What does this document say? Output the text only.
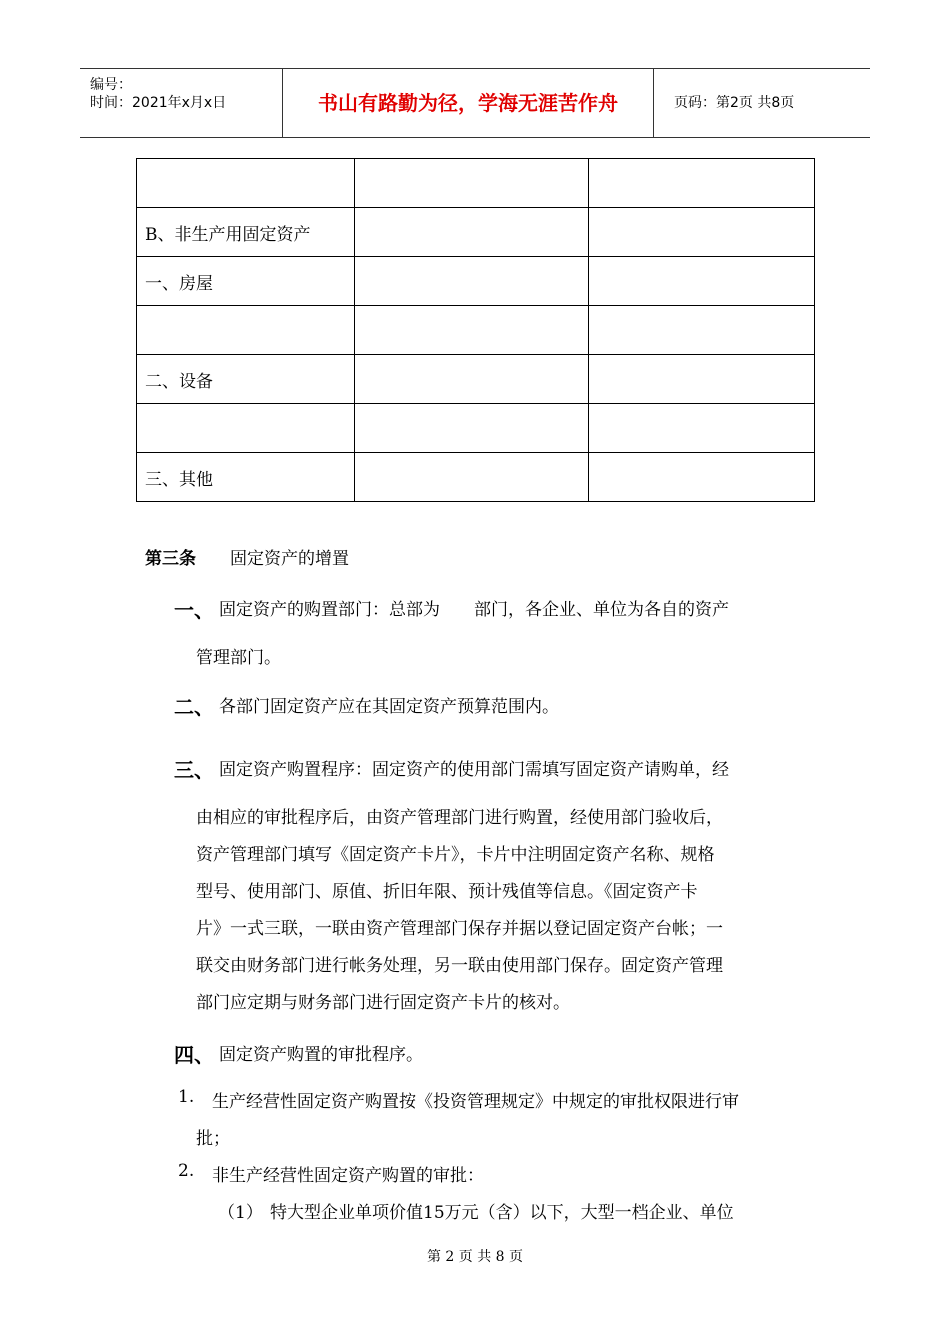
编号：
时间：2021年x月x日	书山有路勤为径，学海无涯苦作舟	页码：第2页 共8页

B、非生产用固定资产		
一、房屋		

二、设备		

三、其他		
第三条 固定资产的增置
一、 固定资产的购置部门：总部为　　部门，各企业、单位为各自的资产
管理部门。
二、 各部门固定资产应在其固定资产预算范围内。
三、 固定资产购置程序：固定资产的使用部门需填写固定资产请购单，经
由相应的审批程序后，由资产管理部门进行购置，经使用部门验收后，
资产管理部门填写《固定资产卡片》，卡片中注明固定资产名称、规格
型号、使用部门、原值、折旧年限、预计残值等信息。《固定资产卡
片》一式三联，一联由资产管理部门保存并据以登记固定资产台帐；一
联交由财务部门进行帐务处理，另一联由使用部门保存。固定资产管理
部门应定期与财务部门进行固定资产卡片的核对。
四、 固定资产购置的审批程序。
1. 生产经营性固定资产购置按《投资管理规定》中规定的审批权限进行审
批；
2. 非生产经营性固定资产购置的审批：
（1） 特大型企业单项价值15万元（含）以下，大型一档企业、单位
第 2 页 共 8 页
